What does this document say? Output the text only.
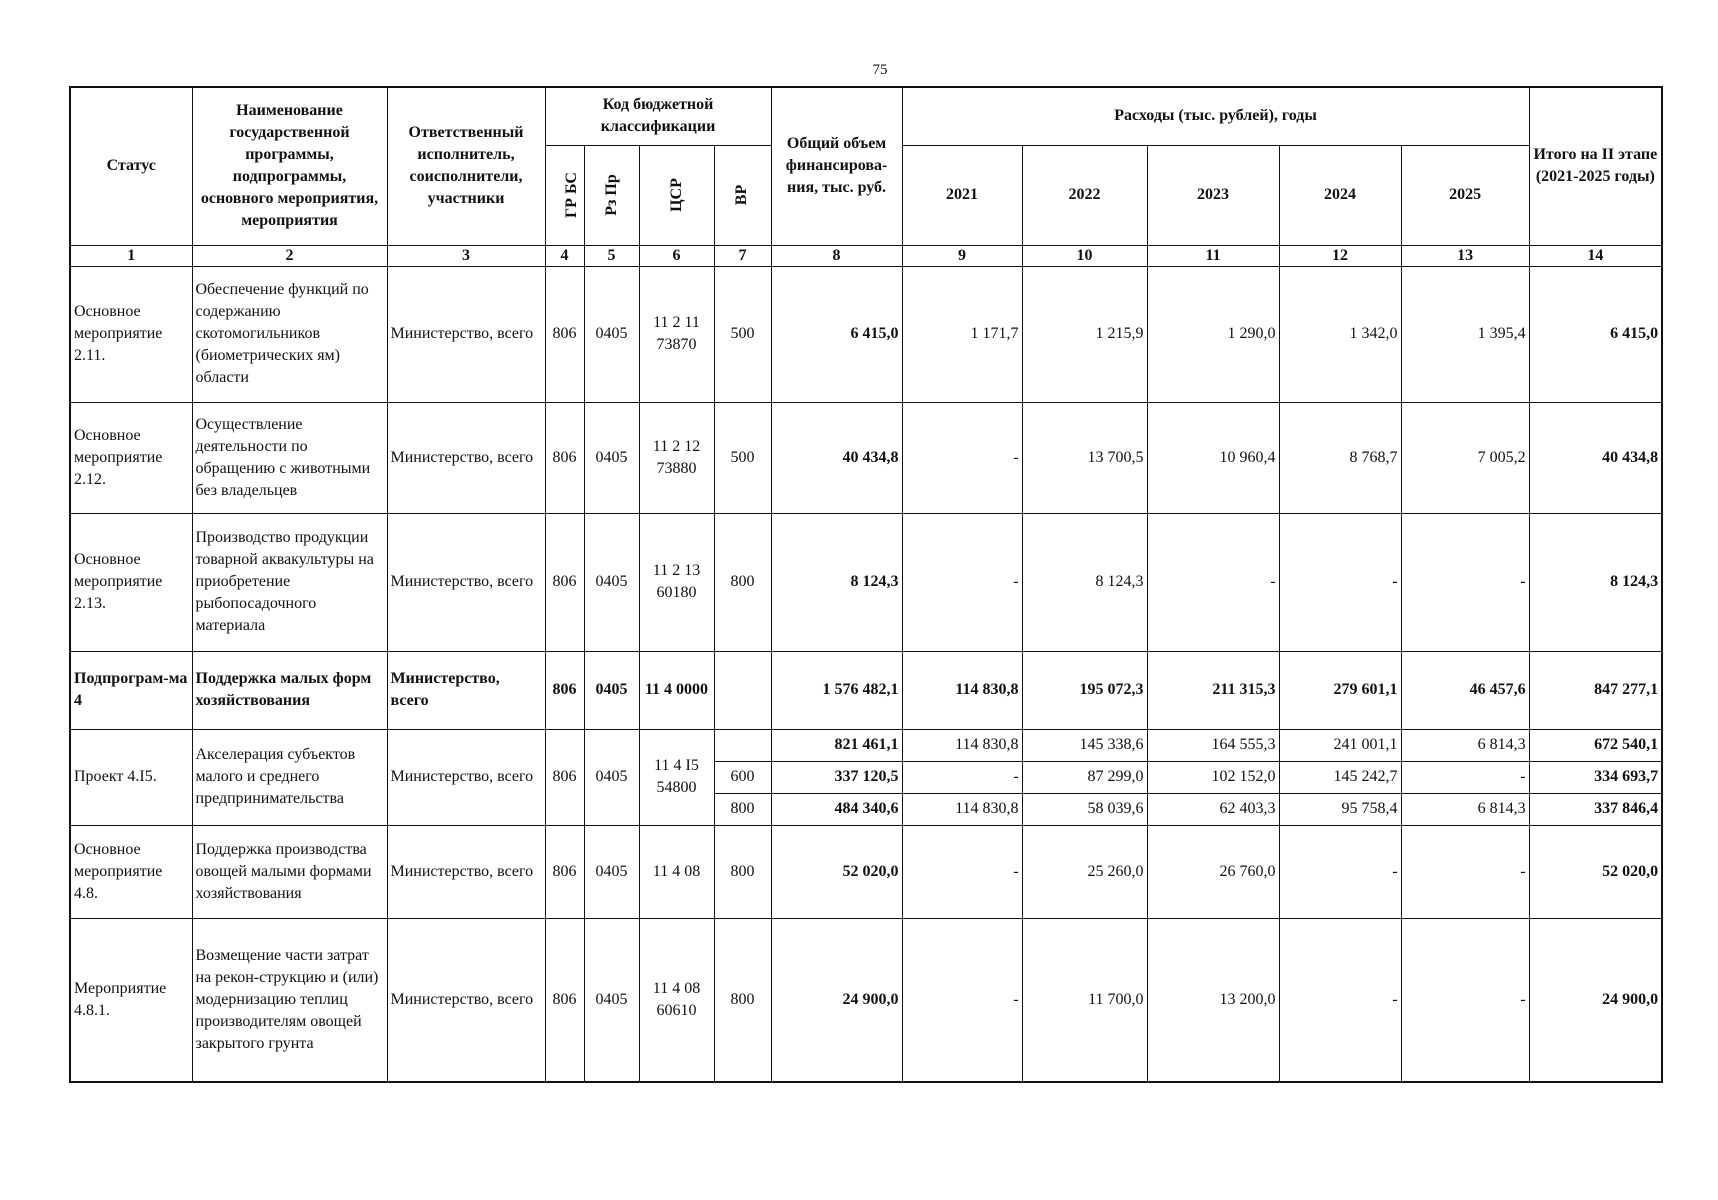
75
Статус	Наименование государственной программы, подпрограммы, основного мероприятия, мероприятия	Ответственный исполнитель, соисполнители, участники	Код бюджетной классификации				Общий объем финансирова-ния, тыс. руб.	Расходы (тыс. рублей), годы					Итого на II этапе (2021-2025 годы)
			ГР БС	Рз Пр	ЦСР	ВР		2021	2022	2023	2024	2025	
1	2	3	4	5	6	7	8	9	10	11	12	13	14
Основное мероприятие 2.11.	Обеспечение функций по содержанию скотомогильников (биометрических ям) области	Министерство, всего	806	0405	11 2 11 73870	500	6 415,0	1 171,7	1 215,9	1 290,0	1 342,0	1 395,4	6 415,0
Основное мероприятие 2.12.	Осуществление деятельности по обращению с животными без владельцев	Министерство, всего	806	0405	11 2 12 73880	500	40 434,8	-	13 700,5	10 960,4	8 768,7	7 005,2	40 434,8
Основное мероприятие 2.13.	Производство продукции товарной аквакультуры на приобретение рыбопосадочного материала	Министерство, всего	806	0405	11 2 13 60180	800	8 124,3	-	8 124,3	-	-	-	8 124,3
Подпрограм-ма 4	Поддержка малых форм хозяйствования	Министерство, всего	806	0405	11 4 0000		1 576 482,1	114 830,8	195 072,3	211 315,3	279 601,1	46 457,6	847 277,1
Проект 4.I5.	Акселерация субъектов малого и среднего предпринимательства	Министерство, всего	806	0405	11 4 I5 54800		821 461,1	114 830,8	145 338,6	164 555,3	241 001,1	6 814,3	672 540,1
						600	337 120,5	-	87 299,0	102 152,0	145 242,7	-	334 693,7
						800	484 340,6	114 830,8	58 039,6	62 403,3	95 758,4	6 814,3	337 846,4
Основное мероприятие 4.8.	Поддержка производства овощей малыми формами хозяйствования	Министерство, всего	806	0405	11 4 08	800	52 020,0	-	25 260,0	26 760,0	-	-	52 020,0
Мероприятие 4.8.1.	Возмещение части затрат на рекон-струкцию и (или) модернизацию теплиц производителям овощей закрытого грунта	Министерство, всего	806	0405	11 4 08 60610	800	24 900,0	-	11 700,0	13 200,0	-	-	24 900,0
